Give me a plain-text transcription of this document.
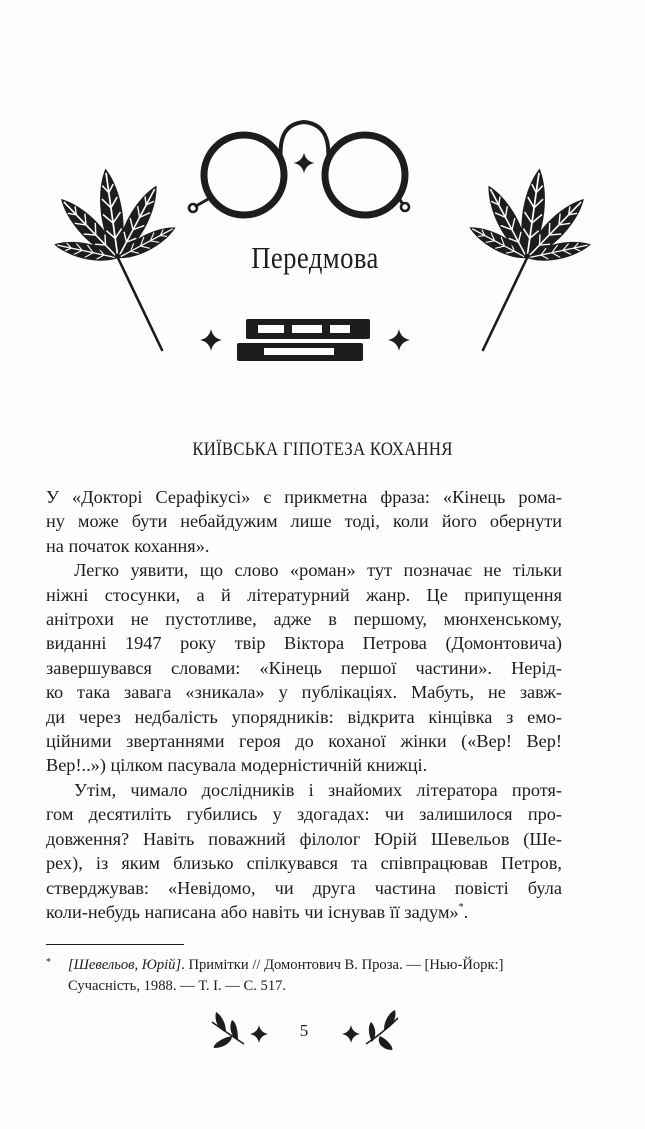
Передмова
КИЇВСЬКА ГІПОТЕЗА КОХАННЯ
У «Докторі Серафікусі» є прикметна фраза: «Кінець рома-
ну може бути небайдужим лише тоді, коли його обернути
на початок кохання».
Легко уявити, що слово «роман» тут позначає не тільки
ніжні стосунки, а й літературний жанр. Це припущення
анітрохи не пустотливе, адже в першому, мюнхенському,
виданні 1947 року твір Віктора Петрова (Домонтовича)
завершувався словами: «Кінець першої частини». Нерід-
ко така завага «зникала» у публікаціях. Мабуть, не завж-
ди через недбалість упорядників: відкрита кінцівка з емо-
ційними звертаннями героя до коханої жінки («Вер! Вер!
Вер!..») цілком пасувала модерністичній книжці.
Утім, чимало дослідників і знайомих літератора протя-
гом десятиліть губились у здогадах: чи залишилося про-
довження? Навіть поважний філолог Юрій Шевельов (Ше-
рех), із яким близько спілкувався та співпрацював Петров,
стверджував: «Невідомо, чи друга частина повісті була
коли-небудь написана або навіть чи існував її задум»*.
*	[Шевельов, Юрій]. Примітки // Домонтович В. Проза. — [Нью-Йорк:]
Сучасність, 1988. — Т. І. — С. 517.
5
